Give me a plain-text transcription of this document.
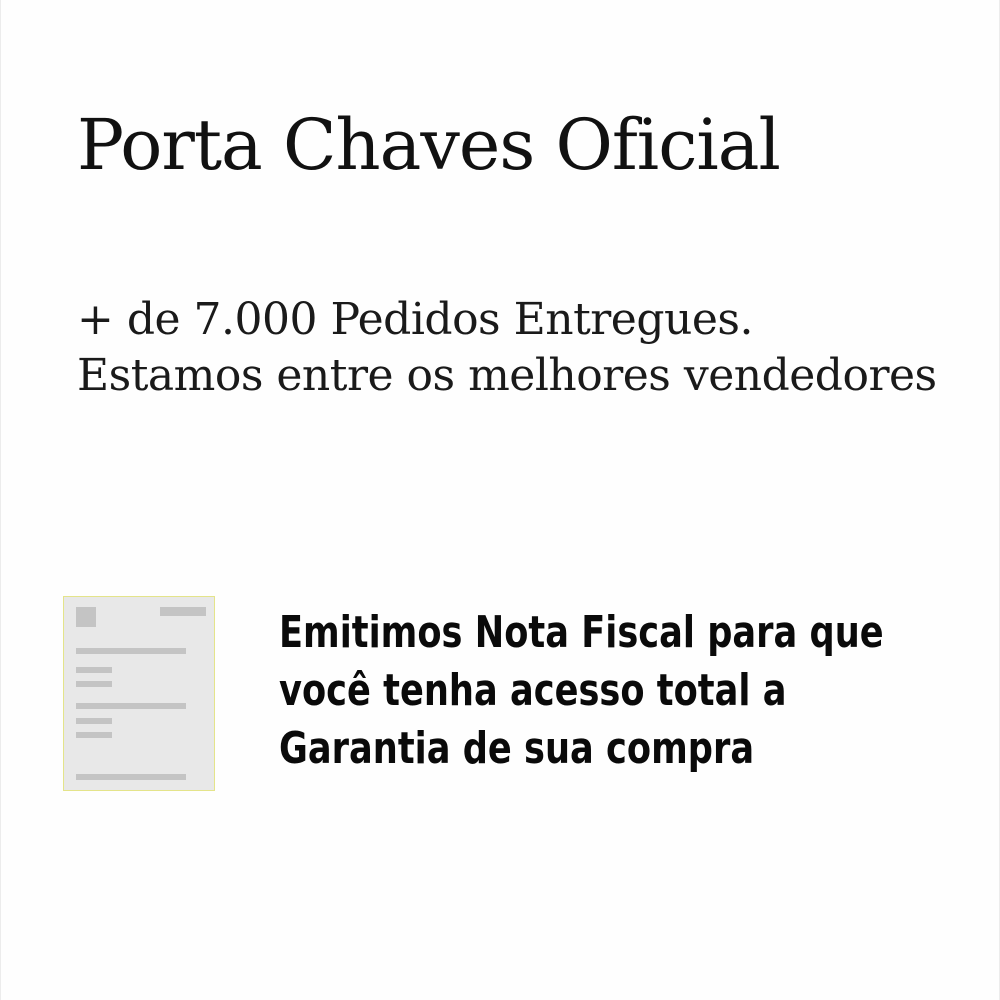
Porta Chaves Oficial

+ de 7.000 Pedidos Entregues.
Estamos entre os melhores vendedores

Emitimos Nota Fiscal para que
você tenha acesso total a
Garantia de sua compra
